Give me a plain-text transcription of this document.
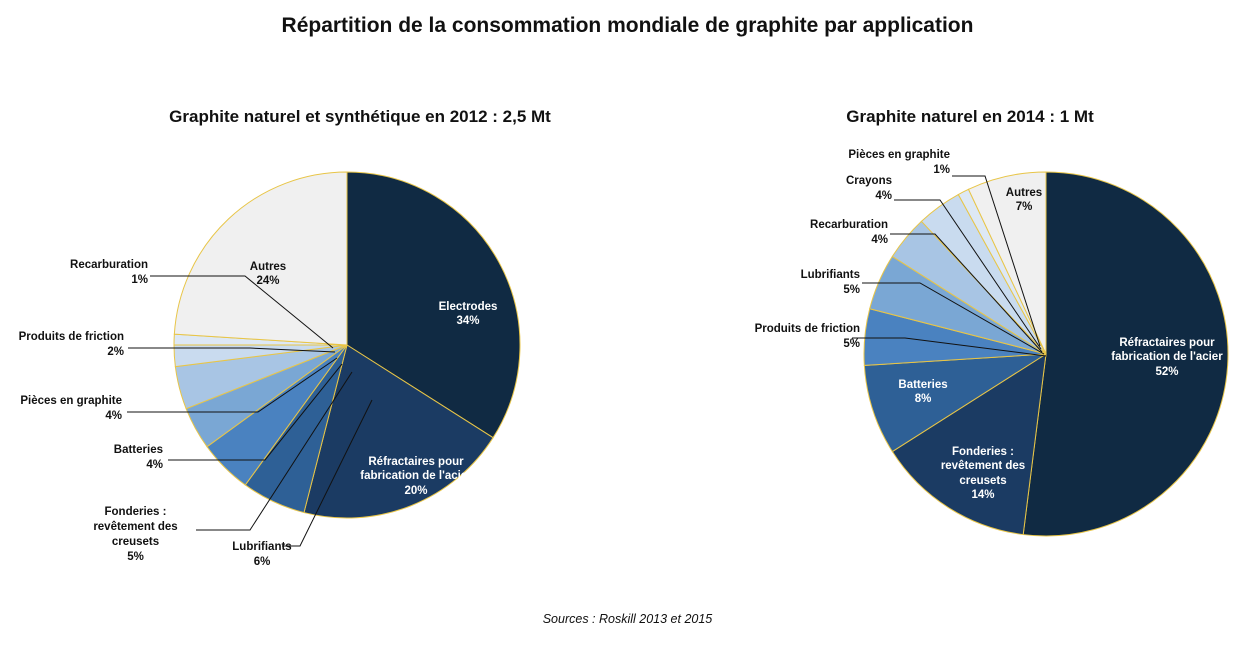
Répartition de la consommation mondiale de graphite par application
Graphite naturel et synthétique en 2012 : 2,5 Mt	Graphite naturel en 2014 : 1 Mt
Electrodes
34%
Réfractaires pour
fabrication de l'acier
20%
Autres
24%
Recarburation
1%
Produits de friction
2%
Pièces en graphite
4%
Batteries
4%
Fonderies :
revêtement des
creusets
5%
Lubrifiants
6%
Réfractaires pour
fabrication de l'acier
52%
Fonderies :
revêtement des
creusets
14%
Batteries
8%
Autres
7%
Pièces en graphite
1%
Crayons
4%
Recarburation
4%
Lubrifiants
5%
Produits de friction
5%
Sources : Roskill 2013 et 2015
